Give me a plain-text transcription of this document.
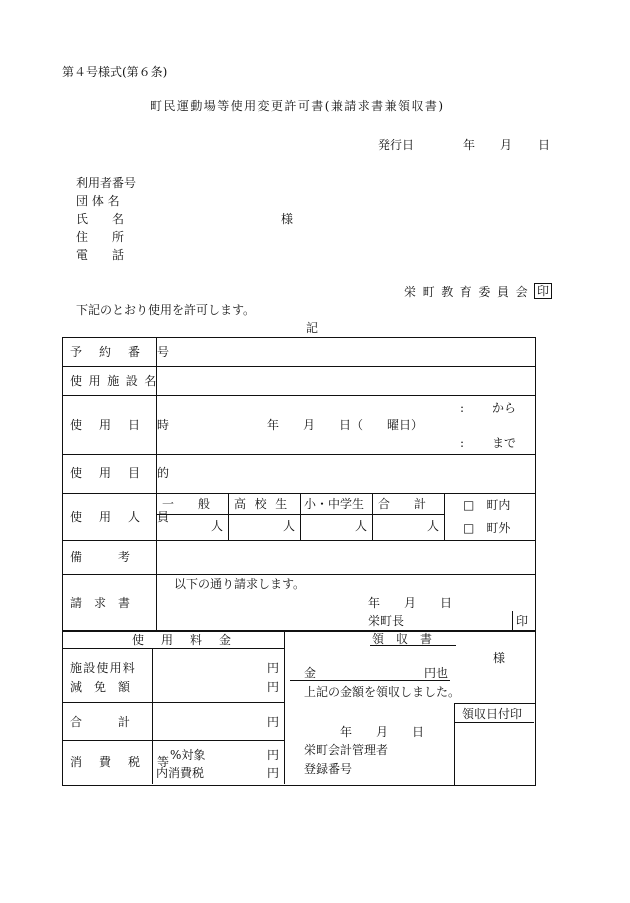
第４号様式(第６条)
町民運動場等使用変更許可書(兼請求書兼領収書)
発行日	年 月 日
利用者番号
団 体 名
氏　　名	様
住　　所
電　　話
栄町教育委員会 印
下記のとおり使用を許可します。
記
予 約 番 号
使用施設名
使 用 日 時
: から
年　　月　　日（　　曜日）
: まで
使 用 目 的
使 用 人 員
一　　般 高 校 生 小・中学生 合　　計
人	人	人	人
□　町内
□　町外
備　　　考
請　求　書
以下の通り請求します。
年　　月　　日
栄町長	印
使 用 料 金
施設使用料	円
減　免　額	円
合　　　計	円
消 費 税 等
%対象	円
内消費税	円
領　収　書
様
金	円也
上記の金額を領収しました。
領収日付印
年　　月　　日
栄町会計管理者
登録番号
